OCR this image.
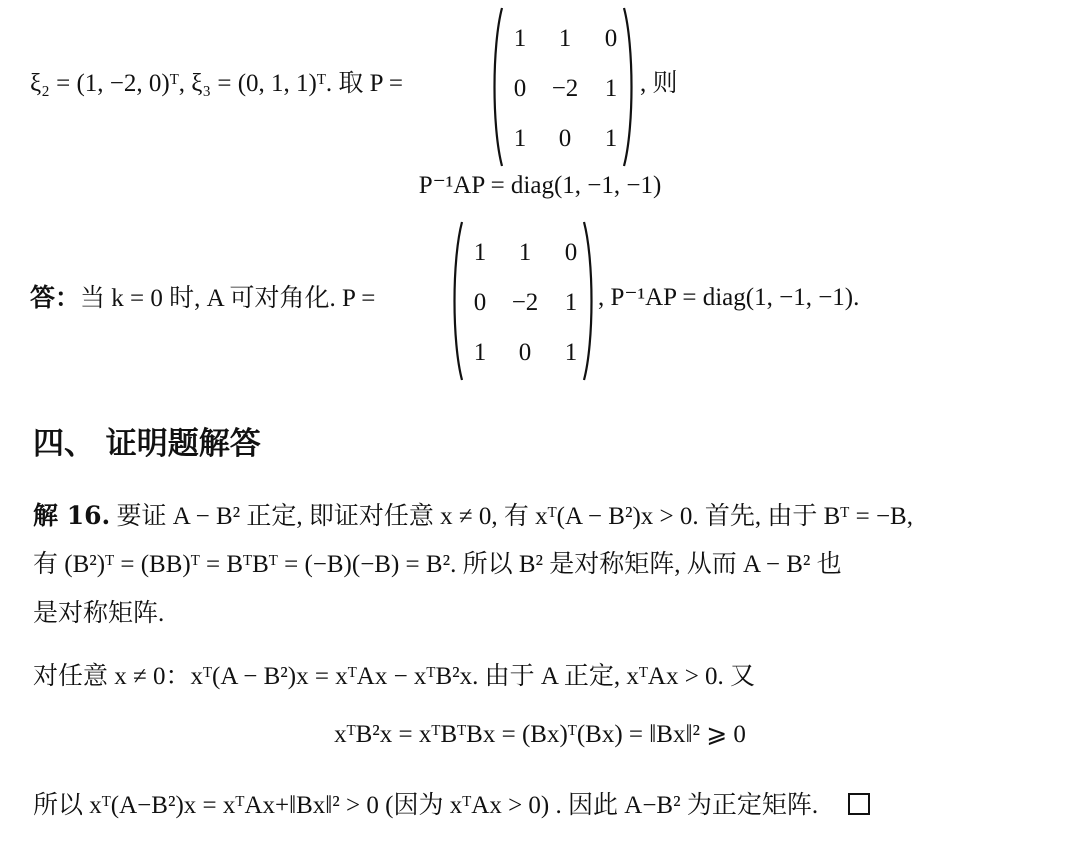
ξ₂ = (1, −2, 0)ᵀ, ξ₃ = (0, 1, 1)ᵀ. 取 P =
1	1	0
0	−2	1
1	0	1
, 则
P⁻¹AP = diag(1, −1, −1)
答：当 k = 0 时, A 可对角化. P =
1	1	0
0	−2	1
1	0	1
, P⁻¹AP = diag(1, −1, −1).
四、 证明题解答
解 16. 要证 A − B² 正定, 即证对任意 x ≠ 0, 有 xᵀ(A − B²)x > 0. 首先, 由于 Bᵀ = −B,
有 (B²)ᵀ = (BB)ᵀ = BᵀBᵀ = (−B)(−B) = B². 所以 B² 是对称矩阵, 从而 A − B² 也
是对称矩阵.
对任意 x ≠ 0：xᵀ(A − B²)x = xᵀAx − xᵀB²x. 由于 A 正定, xᵀAx > 0. 又
xᵀB²x = xᵀBᵀBx = (Bx)ᵀ(Bx) = ‖Bx‖² ⩾ 0
所以 xᵀ(A−B²)x = xᵀAx+‖Bx‖² > 0 (因为 xᵀAx > 0) . 因此 A−B² 为正定矩阵.
